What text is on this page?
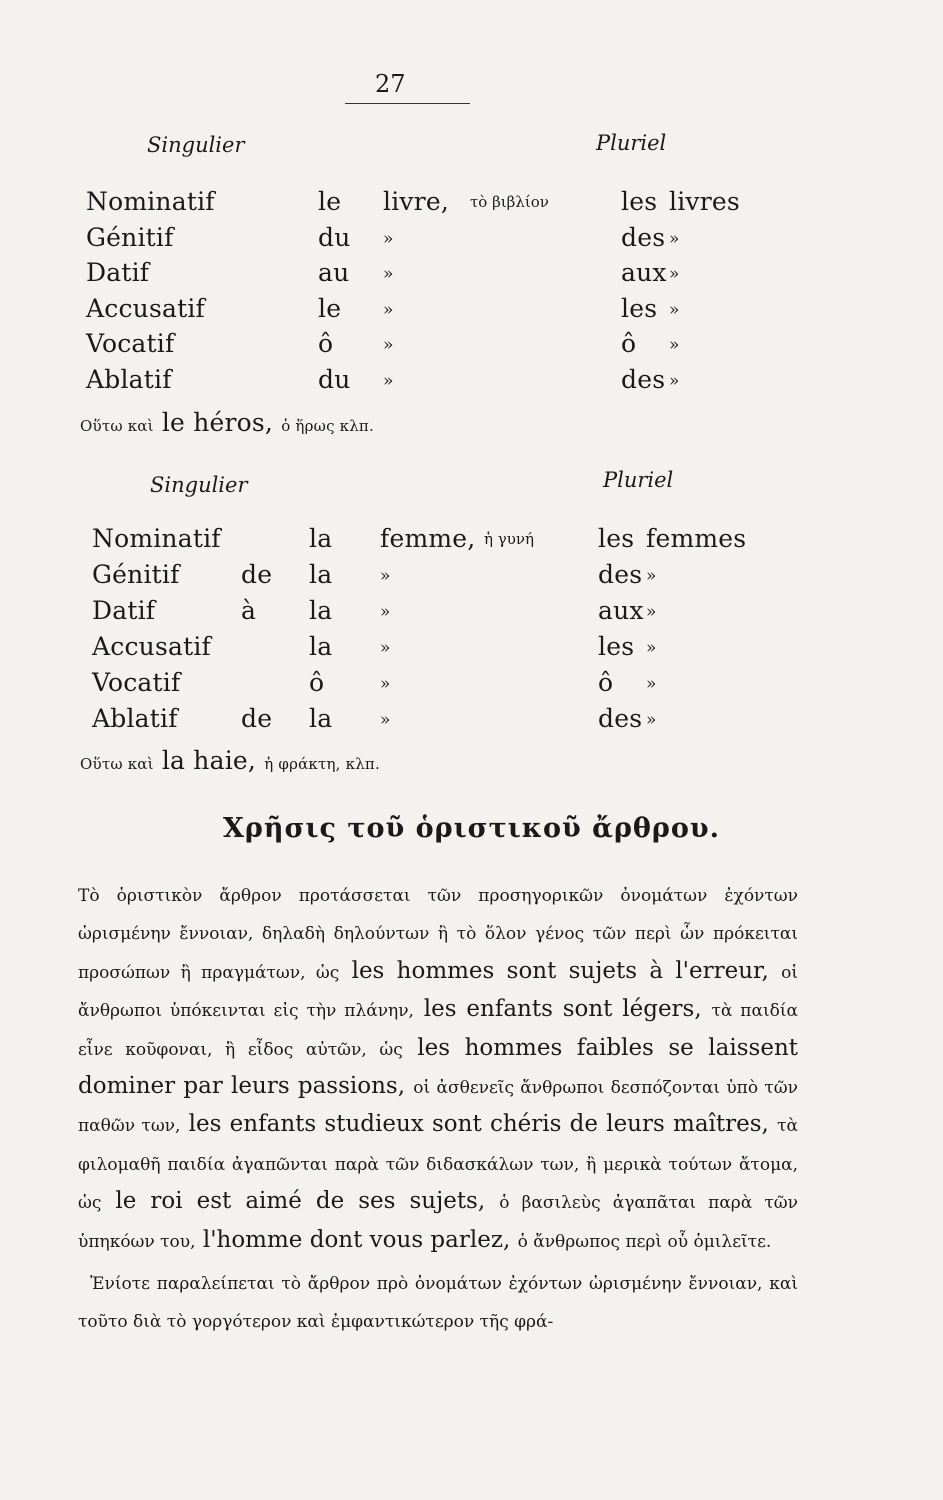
27
Singulier	Pluriel
Nominatif	le livre, τὸ βιβλίον	les livres
Génitif	du »	des »
Datif	au »	aux »
Accusatif	le »	les »
Vocatif	ô	»	ô »
Ablatif	du »	des »
Οὕτω καὶ le héros, ὁ ἥρως κλπ.
Singulier	Pluriel
Nominatif	la femme, ἡ γυνή	les femmes
Génitif de la	»	des »
Datif	à la	»	aux »
Accusatif	la	»	les »
Vocatif	ô	»	ô »
Ablatif	de la	»	des »
Οὕτω καὶ la haie, ἡ φράκτη, κλπ.
Χρῆσις τοῦ ὁριστικοῦ ἄρθρου.
Τὸ ὁριστικὸν ἄρθρον προτάσσεται τῶν προσηγορικῶν ὀνομάτων ἐχόντων ὡρισμένην ἔννοιαν, δηλαδὴ δηλούντων ἢ τὸ ὅλον γένος τῶν περὶ ὧν πρόκειται προσώπων ἢ πραγμάτων, ὡς les hommes sont sujets à l'erreur, οἱ ἄνθρωποι ὑπόκεινται εἰς τὴν πλάνην, les enfants sont légers, τὰ παιδία εἶνε κοῦφοναι, ἢ εἶδος αὐτῶν, ὡς les hommes faibles se laissent dominer par leurs passions, οἱ ἀσθενεῖς ἄνθρωποι δεσπόζονται ὑπὸ τῶν παθῶν των, les enfants studieux sont chéris de leurs maîtres, τὰ φιλομαθῆ παιδία ἀγαπῶνται παρὰ τῶν διδασκάλων των, ἢ μερικὰ τούτων ἄτομα, ὡς le roi est aimé de ses sujets, ὁ βασιλεὺς ἀγαπᾶται παρὰ τῶν ὑπηκόων του, l'homme dont vous parlez, ὁ ἄνθρωπος περὶ οὗ ὁμιλεῖτε.
Ἐνίοτε παραλείπεται τὸ ἄρθρον πρὸ ὀνομάτων ἐχόντων ὡρισμένην ἔννοιαν, καὶ τοῦτο διὰ τὸ γοργότερον καὶ ἐμφαντικώτερον τῆς φρά-
